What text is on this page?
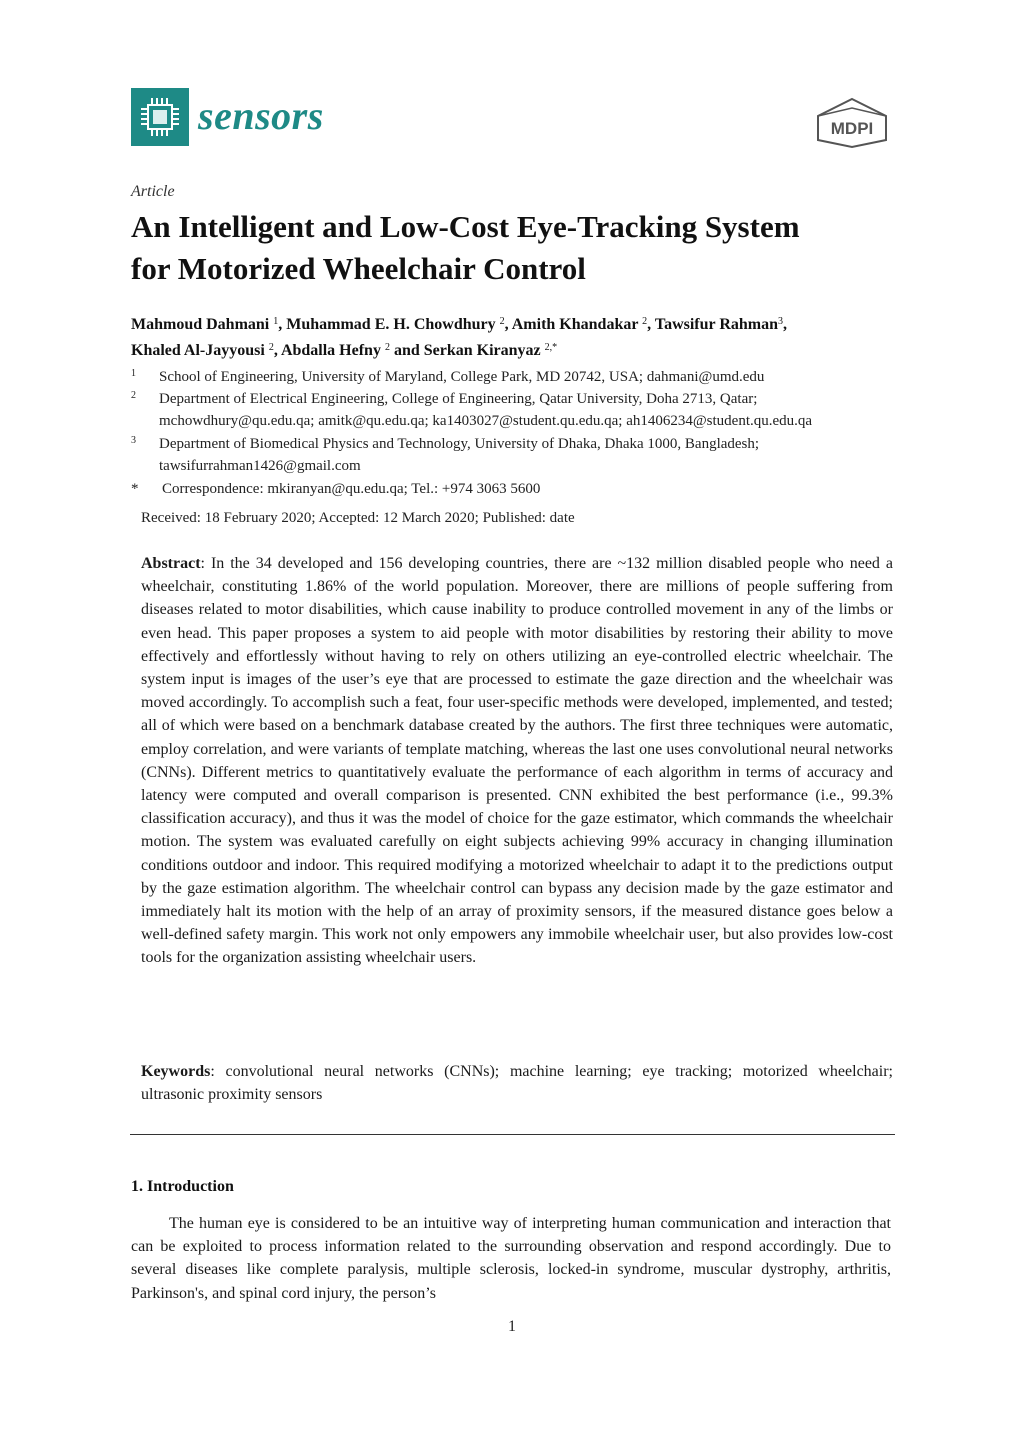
sensors	MDPI
Article
An Intelligent and Low-Cost Eye-Tracking System
for Motorized Wheelchair Control
Mahmoud Dahmani $^1$, Muhammad E. H. Chowdhury $^2$, Amith Khandakar $^2$, Tawsifur Rahman$^3$,
Khaled Al-Jayyousi $^2$, Abdalla Hefny $^2$ and Serkan Kiranyaz $^{2,*}$
1	School of Engineering, University of Maryland, College Park, MD 20742, USA; dahmani@umd.edu
2	Department of Electrical Engineering, College of Engineering, Qatar University, Doha 2713, Qatar; mchowdhury@qu.edu.qa; amitk@qu.edu.qa; ka1403027@student.qu.edu.qa; ah1406234@student.qu.edu.qa
3	Department of Biomedical Physics and Technology, University of Dhaka, Dhaka 1000, Bangladesh; tawsifurrahman1426@gmail.com
*	Correspondence: mkiranyan@qu.edu.qa; Tel.: +974 3063 5600
Received: 18 February 2020; Accepted: 12 March 2020; Published: date
Abstract: In the 34 developed and 156 developing countries, there are ~132 million disabled people who need a wheelchair, constituting 1.86% of the world population. Moreover, there are millions of people suffering from diseases related to motor disabilities, which cause inability to produce controlled movement in any of the limbs or even head. This paper proposes a system to aid people with motor disabilities by restoring their ability to move effectively and effortlessly without having to rely on others utilizing an eye-controlled electric wheelchair. The system input is images of the user’s eye that are processed to estimate the gaze direction and the wheelchair was moved accordingly. To accomplish such a feat, four user-specific methods were developed, implemented, and tested; all of which were based on a benchmark database created by the authors. The first three techniques were automatic, employ correlation, and were variants of template matching, whereas the last one uses convolutional neural networks (CNNs). Different metrics to quantitatively evaluate the performance of each algorithm in terms of accuracy and latency were computed and overall comparison is presented. CNN exhibited the best performance (i.e., 99.3% classification accuracy), and thus it was the model of choice for the gaze estimator, which commands the wheelchair motion. The system was evaluated carefully on eight subjects achieving 99% accuracy in changing illumination conditions outdoor and indoor. This required modifying a motorized wheelchair to adapt it to the predictions output by the gaze estimation algorithm. The wheelchair control can bypass any decision made by the gaze estimator and immediately halt its motion with the help of an array of proximity sensors, if the measured distance goes below a well-defined safety margin. This work not only empowers any immobile wheelchair user, but also provides low-cost tools for the organization assisting wheelchair users.
Keywords: convolutional neural networks (CNNs); machine learning; eye tracking; motorized wheelchair; ultrasonic proximity sensors
1. Introduction
The human eye is considered to be an intuitive way of interpreting human communication and interaction that can be exploited to process information related to the surrounding observation and respond accordingly. Due to several diseases like complete paralysis, multiple sclerosis, locked-in syndrome, muscular dystrophy, arthritis, Parkinson's, and spinal cord injury, the person’s
1
